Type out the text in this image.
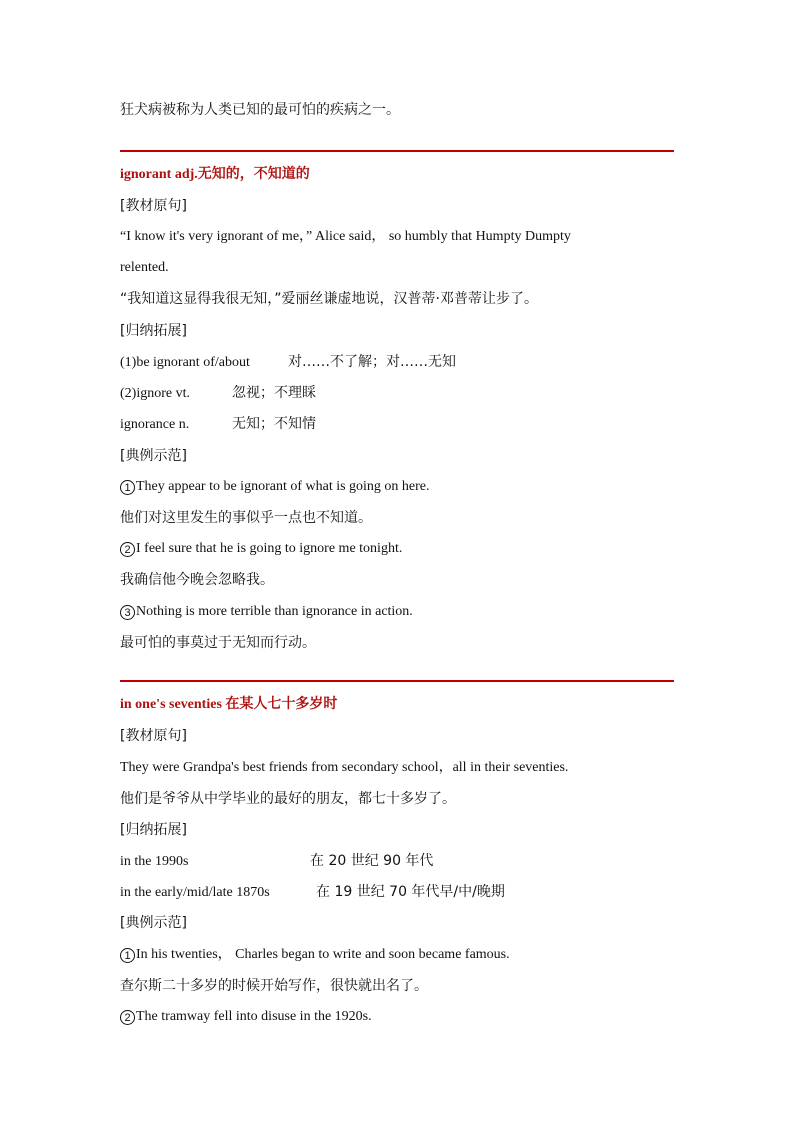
狂犬病被称为人类已知的最可怕的疾病之一。
ignorant adj.无知的，不知道的
[教材原句]
“I know it's very ignorant of me，” Alice said， so humbly that Humpty Dumpty
relented.
“我知道这显得我很无知，”爱丽丝谦虚地说，汉普蒂·邓普蒂让步了。
[归纳拓展]
(1)be ignorant of/about	对……不了解；对……无知
(2)ignore vt.	忽视；不理睬
ignorance n.	无知；不知情
[典例示范]
1 They appear to be ignorant of what is going on here.
他们对这里发生的事似乎一点也不知道。
2 I feel sure that he is going to ignore me tonight.
我确信他今晚会忽略我。
3 Nothing is more terrible than ignorance in action.
最可怕的事莫过于无知而行动。
in one's seventies 在某人七十多岁时
[教材原句]
They were Grandpa's best friends from secondary school，all in their seventies.
他们是爷爷从中学毕业的最好的朋友，都七十多岁了。
[归纳拓展]
in the 1990s	在 20 世纪 90 年代
in the early/mid/late 1870s	在 19 世纪 70 年代早/中/晚期
[典例示范]
1 In his twenties， Charles began to write and soon became famous.
查尔斯二十多岁的时候开始写作，很快就出名了。
2 The tramway fell into disuse in the 1920s.
